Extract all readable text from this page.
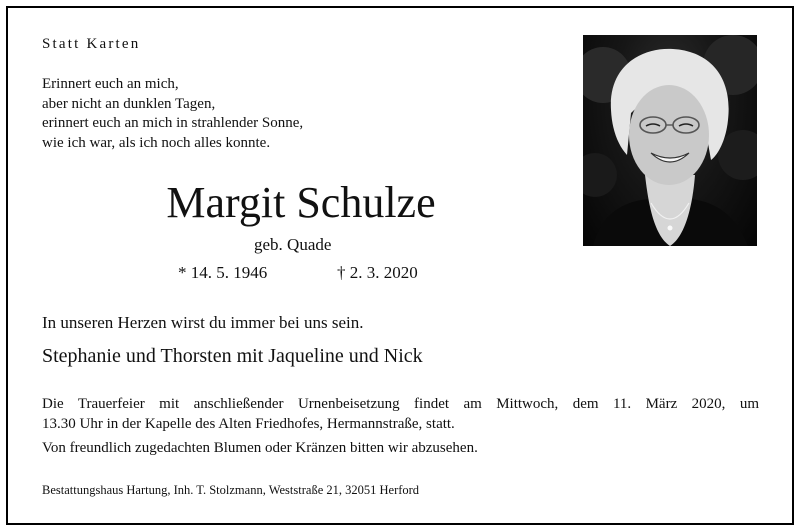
Statt Karten
Erinnert euch an mich,
aber nicht an dunklen Tagen,
erinnert euch an mich in strahlender Sonne,
wie ich war, als ich noch alles konnte.
Margit Schulze
geb. Quade
* 14. 5. 1946	† 2. 3. 2020
In unseren Herzen wirst du immer bei uns sein.
Stephanie und Thorsten mit Jaqueline und Nick
Die Trauerfeier mit anschließender Urnenbeisetzung findet am Mittwoch, dem 11. März 2020, um
13.30 Uhr in der Kapelle des Alten Friedhofes, Hermannstraße, statt.
Von freundlich zugedachten Blumen oder Kränzen bitten wir abzusehen.
Bestattungshaus Hartung, Inh. T. Stolzmann, Weststraße 21, 32051 Herford
